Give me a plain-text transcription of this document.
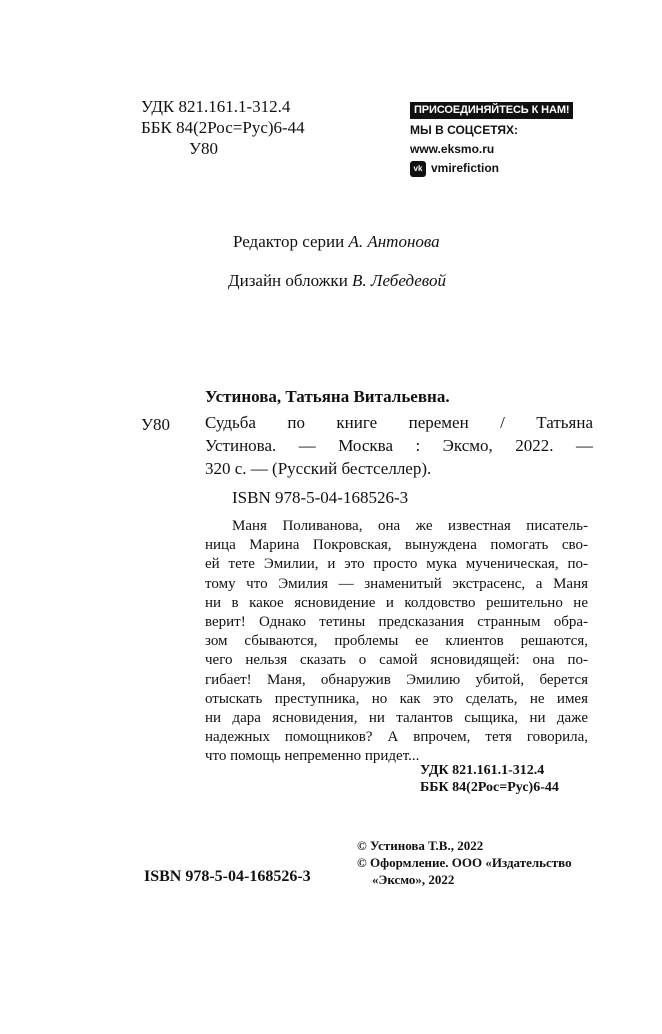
УДК 821.161.1-312.4
ББК 84(2Рос=Рус)6-44
У80
ПРИСОЕДИНЯЙТЕСЬ К НАМ!
МЫ В СОЦСЕТЯХ:
www.eksmo.ru
vk vmirefiction
Редактор серии А. Антонова
Дизайн обложки В. Лебедевой
Устинова, Татьяна Витальевна.
У80 Судьба по книге перемен / Татьяна

Устинова. — Москва : Эксмо, 2022. —

320 с. — (Русский бестселлер).

ISBN 978-5-04-168526-3

Маня Поливанова, она же известная писатель-

ница Марина Покровская, вынуждена помогать сво-

ей тете Эмилии, и это просто мука мученическая, по-

тому что Эмилия — знаменитый экстрасенс, а Маня

ни в какое ясновидение и колдовство решительно не

верит! Однако тетины предсказания странным обра-

зом сбываются, проблемы ее клиентов решаются,

чего нельзя сказать о самой ясновидящей: она по-

гибает! Маня, обнаружив Эмилию убитой, берется

отыскать преступника, но как это сделать, не имея

ни дара ясновидения, ни талантов сыщика, ни даже

надежных помощников? А впрочем, тетя говорила,

что помощь непременно придет...

УДК 821.161.1-312.4
ББК 84(2Рос=Рус)6-44
© Устинова Т.В., 2022
© Оформление. ООО «Издательство
«Эксмо», 2022
ISBN 978-5-04-168526-3
